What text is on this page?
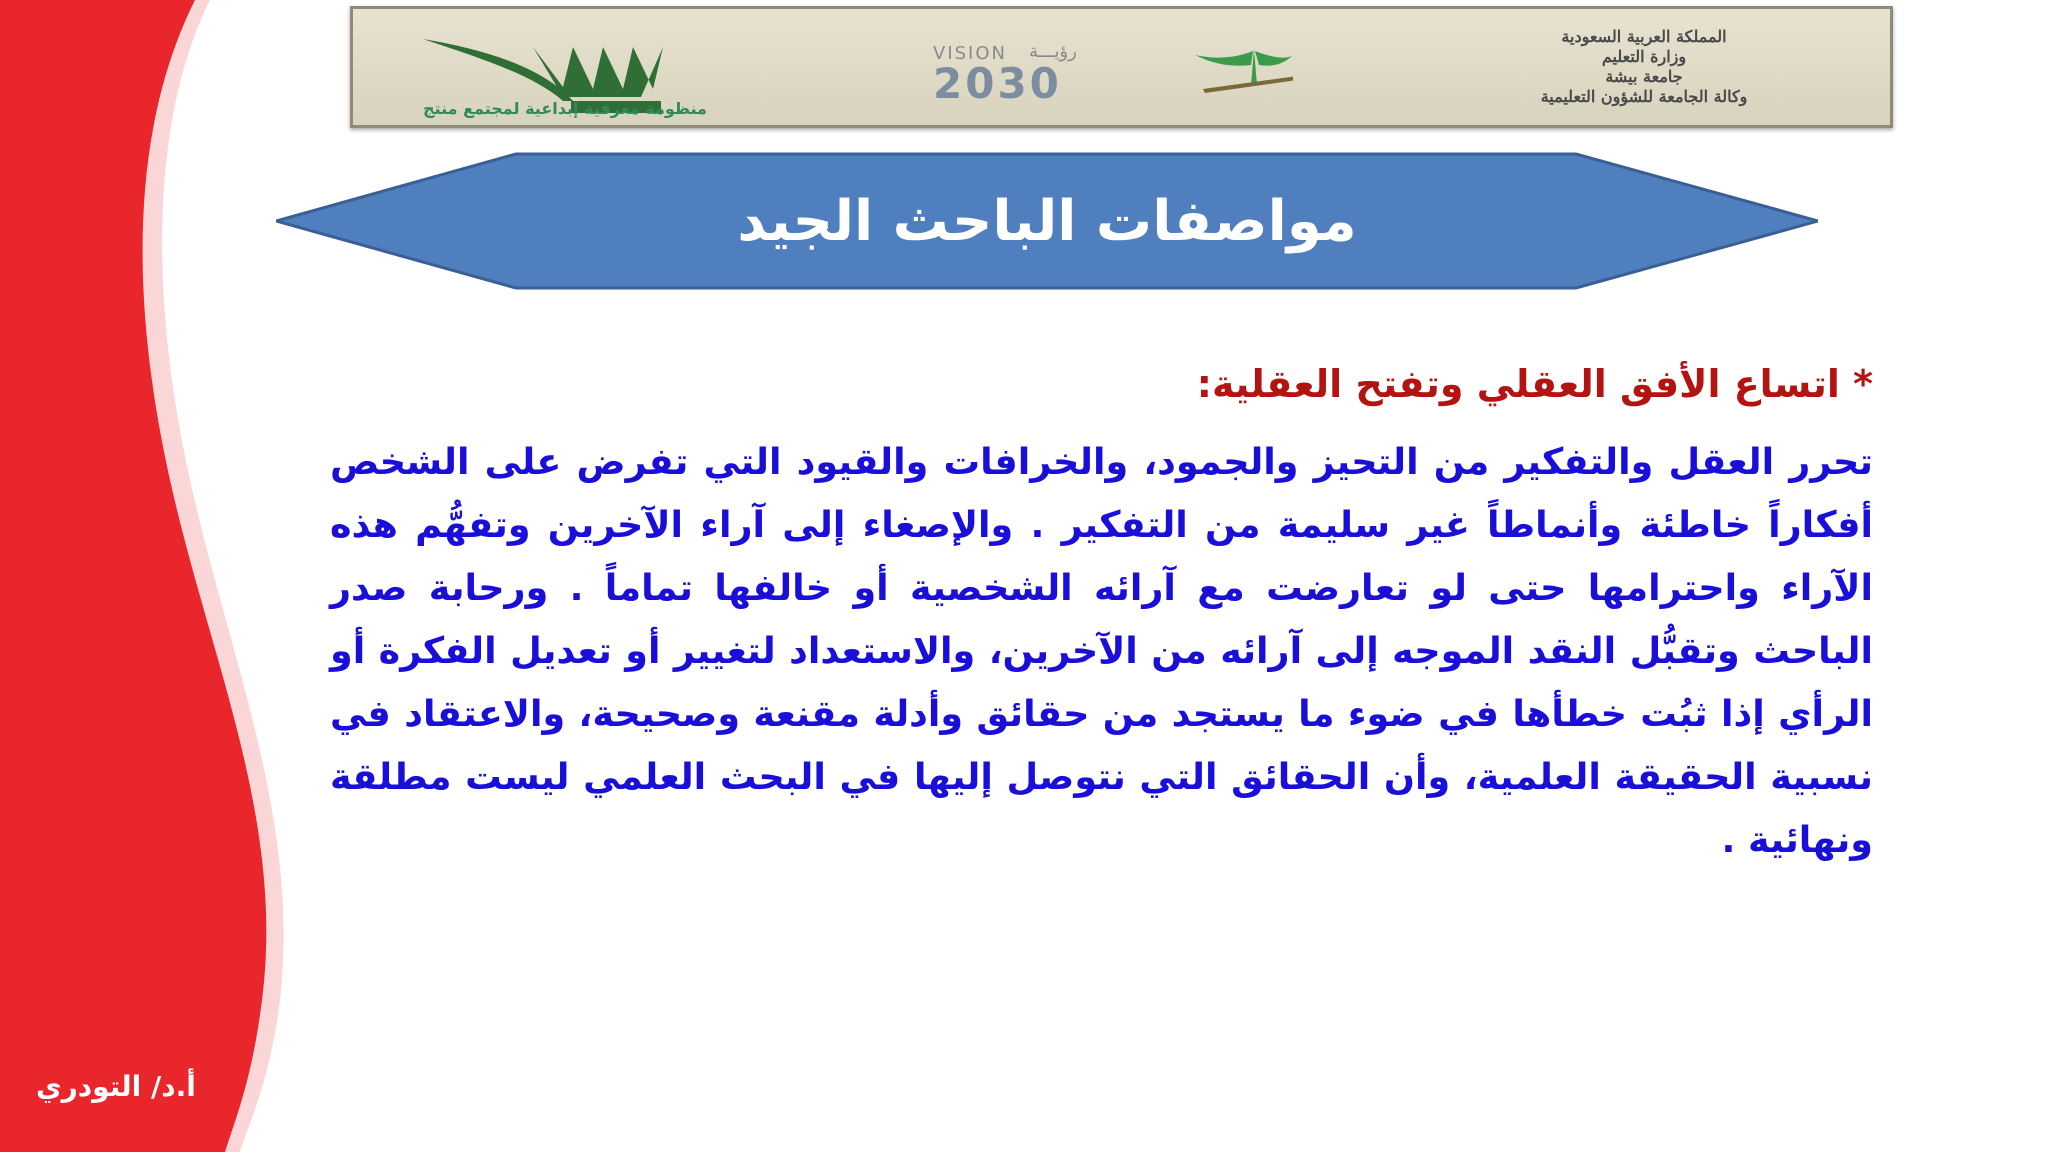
المملكة العربية السعودية
وزارة التعليم
جامعة بيشة
وكالة الجامعة للشؤون التعليمية
VISION رؤيـــة
2030
منظومة معرفية إبداعية لمجتمع منتج
مواصفات الباحث الجيد
* اتساع الأفق العقلي وتفتح العقلية:
تحرر العقل والتفكير من التحيز والجمود، والخرافات والقيود التي تفرض على الشخص أفكاراً خاطئة وأنماطاً غير سليمة من التفكير . والإصغاء إلى آراء الآخرين وتفهُّم هذه الآراء واحترامها حتى لو تعارضت مع آرائه الشخصية أو خالفها تماماً . ورحابة صدر الباحث وتقبُّل النقد الموجه إلى آرائه من الآخرين، والاستعداد لتغيير أو تعديل الفكرة أو الرأي إذا ثبُت خطأها في ضوء ما يستجد من حقائق وأدلة مقنعة وصحيحة، والاعتقاد في نسبية الحقيقة العلمية، وأن الحقائق التي نتوصل إليها في البحث العلمي ليست مطلقة ونهائية .
أ.د/ التودري
